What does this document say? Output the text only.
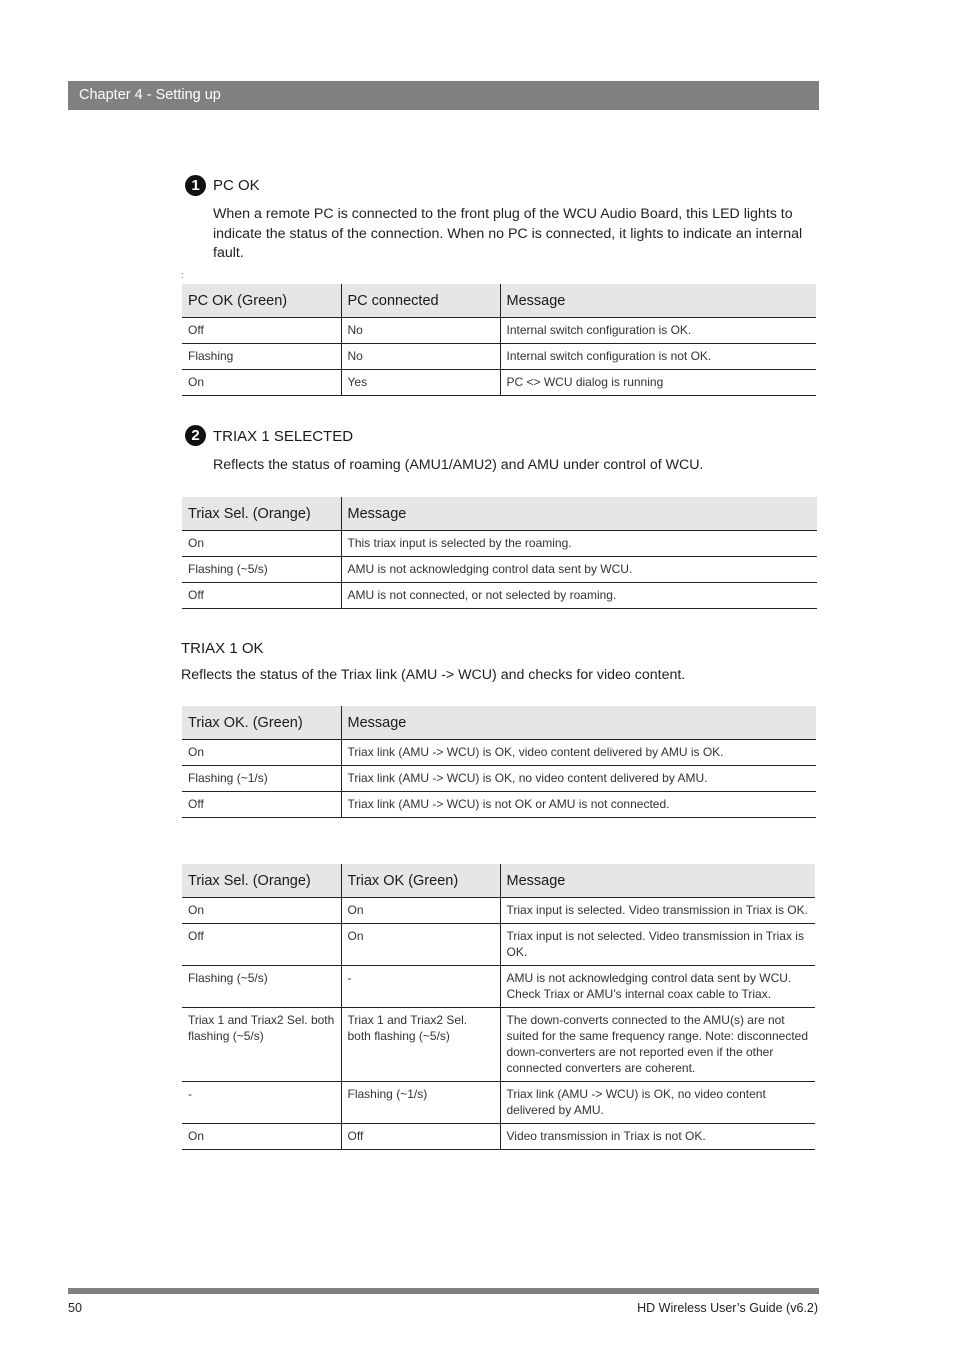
Chapter 4 - Setting up
1 PC OK
When a remote PC is connected to the front plug of the WCU Audio Board, this LED lights to indicate the status of the connection. When no PC is connected, it lights to indicate an internal fault.
:
PC OK (Green)	PC connected	Message
Off	No	Internal switch configuration is OK.
Flashing	No	Internal switch configuration is not OK.
On	Yes	PC <> WCU dialog is running
2 TRIAX 1 SELECTED
Reflects the status of roaming (AMU1/AMU2) and AMU under control of WCU.
Triax Sel. (Orange)	Message
On	This triax input is selected by the roaming.
Flashing (~5/s)	AMU is not acknowledging control data sent by WCU.
Off	AMU is not connected, or not selected by roaming.
TRIAX 1 OK
Reflects the status of the Triax link (AMU -> WCU) and checks for video content.
Triax OK. (Green)	Message
On	Triax link (AMU -> WCU) is OK, video content delivered by AMU is OK.
Flashing (~1/s)	Triax link (AMU -> WCU) is OK, no video content delivered by AMU.
Off	Triax link (AMU -> WCU) is not OK or AMU is not connected.
Triax Sel. (Orange)	Triax OK (Green)	Message
On	On	Triax input is selected. Video transmission in Triax is OK.
Off	On	Triax input is not selected. Video transmission in Triax is OK.
Flashing (~5/s)	-	AMU is not acknowledging control data sent by WCU. Check Triax or AMU’s internal coax cable to Triax.
Triax 1 and Triax2 Sel. both flashing (~5/s)	Triax 1 and Triax2 Sel. both flashing (~5/s)	The down-converts connected to the AMU(s) are not suited for the same frequency range. Note: disconnected down-converters are not reported even if the other connected converters are coherent.
-	Flashing (~1/s)	Triax link (AMU -> WCU) is OK, no video content delivered by AMU.
On	Off	Video transmission in Triax is not OK.
50	HD Wireless User’s Guide (v6.2)
